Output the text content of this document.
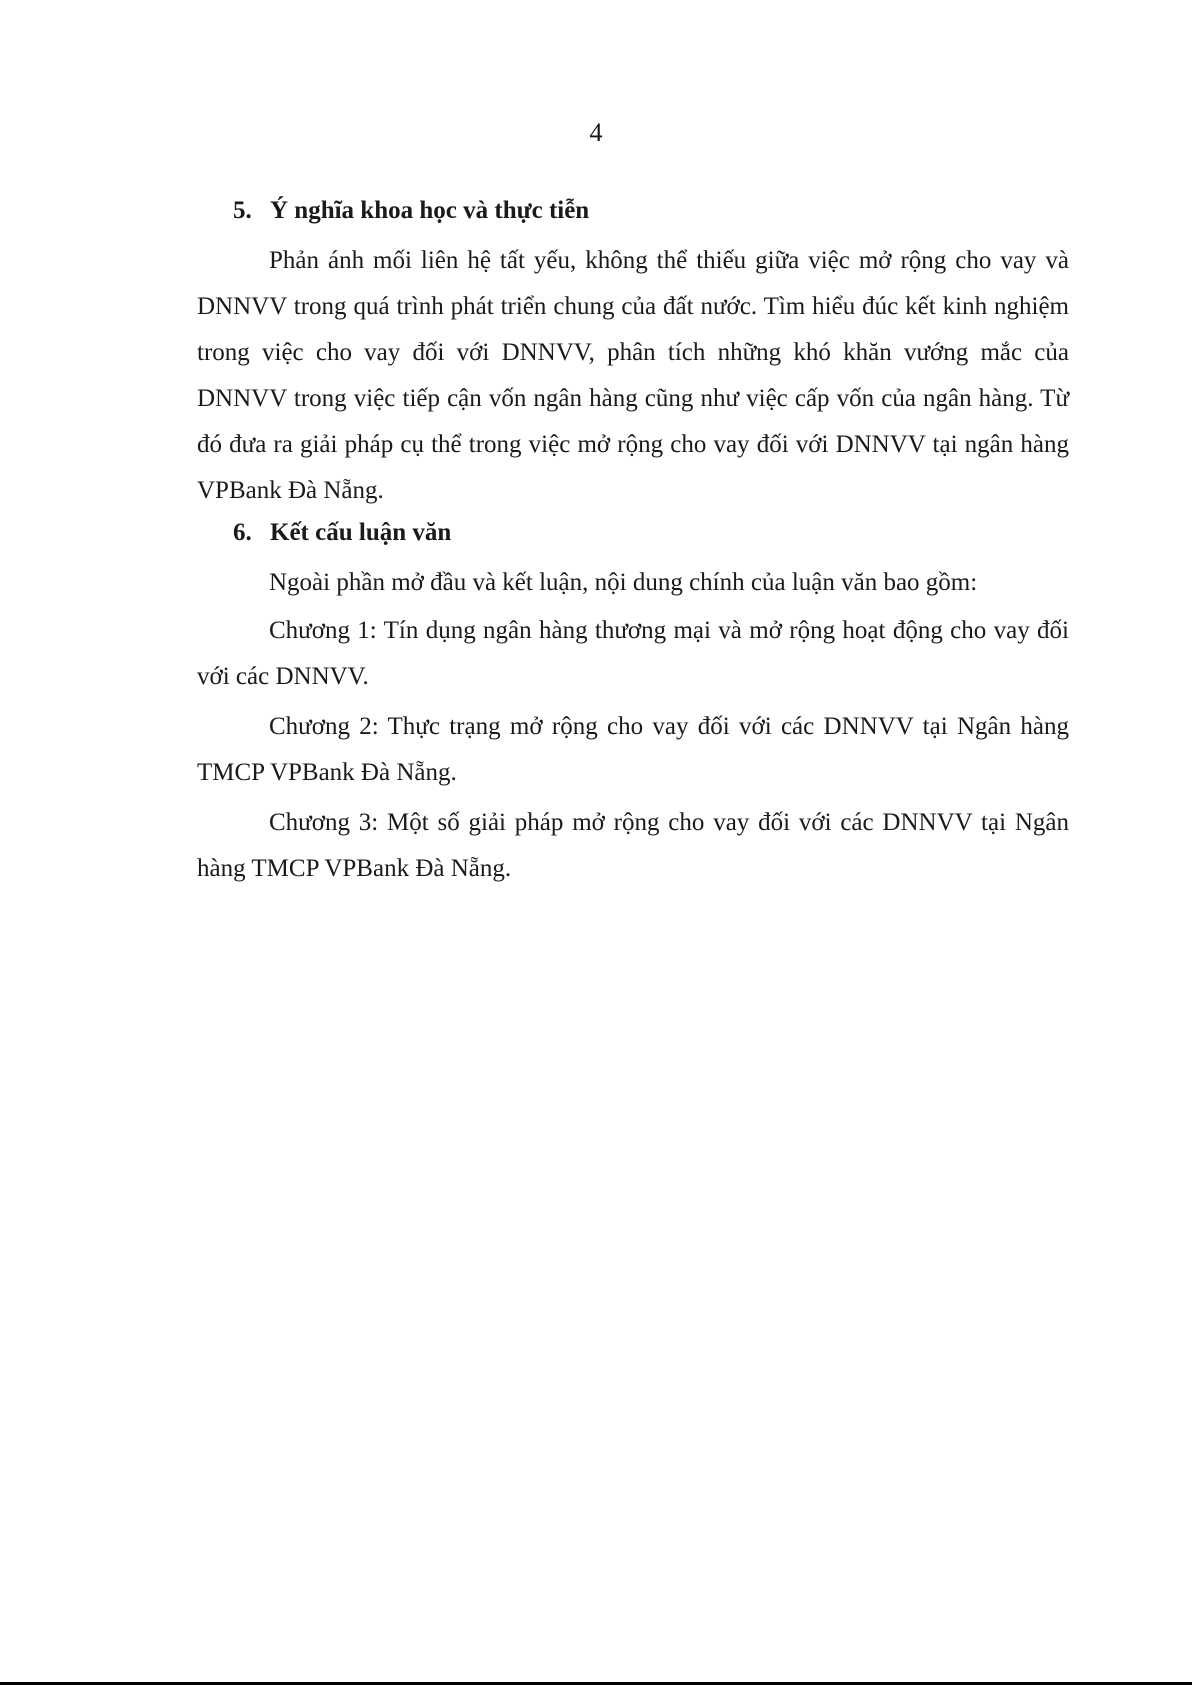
4
5. Ý nghĩa khoa học và thực tiễn

Phản ánh mối liên hệ tất yếu, không thể thiếu giữa việc mở rộng cho vay và DNNVV trong quá trình phát triển chung của đất nước. Tìm hiểu đúc kết kinh nghiệm trong việc cho vay đối với DNNVV, phân tích những khó khăn vướng mắc của DNNVV trong việc tiếp cận vốn ngân hàng cũng như việc cấp vốn của ngân hàng. Từ đó đưa ra giải pháp cụ thể trong việc mở rộng cho vay đối với DNNVV tại ngân hàng VPBank Đà Nẵng.

6. Kết cấu luận văn

Ngoài phần mở đầu và kết luận, nội dung chính của luận văn bao gồm:

Chương 1: Tín dụng ngân hàng thương mại và mở rộng hoạt động cho vay đối với các DNNVV.

Chương 2: Thực trạng mở rộng cho vay đối với các DNNVV tại Ngân hàng TMCP VPBank Đà Nẵng.

Chương 3: Một số giải pháp mở rộng cho vay đối với các DNNVV tại Ngân hàng TMCP VPBank Đà Nẵng.
